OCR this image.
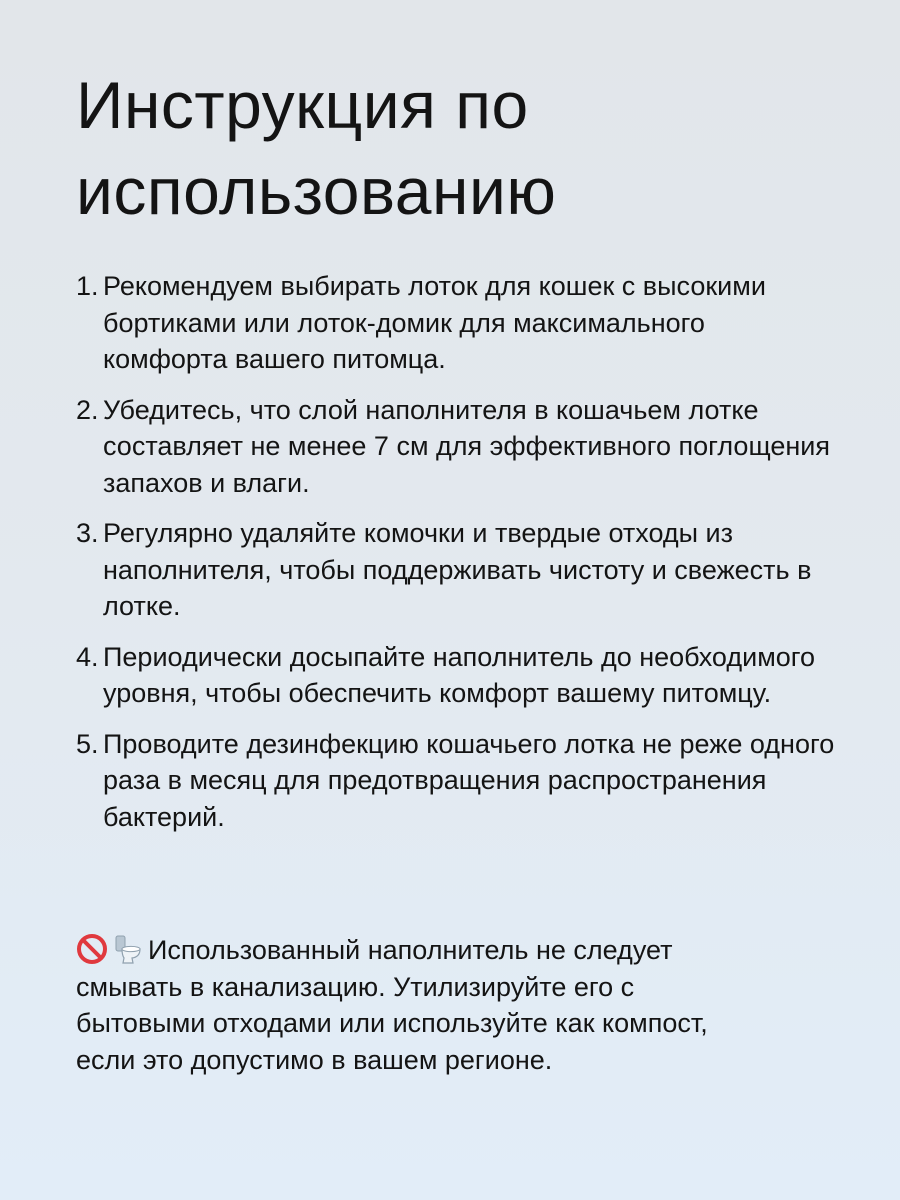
Инструкция по использованию
1. Рекомендуем выбирать лоток для кошек с высокими бортиками или лоток-домик для максимального комфорта вашего питомца.
2. Убедитесь, что слой наполнителя в кошачьем лотке составляет не менее 7 см для эффективного поглощения запахов и влаги.
3. Регулярно удаляйте комочки и твердые отходы из наполнителя, чтобы поддерживать чистоту и свежесть в лотке.
4. Периодически досыпайте наполнитель до необходимого уровня, чтобы обеспечить комфорт вашему питомцу.
5. Проводите дезинфекцию кошачьего лотка не реже одного раза в месяц для предотвращения распространения бактерий.

Использованный наполнитель не следует смывать в канализацию. Утилизируйте его с бытовыми отходами или используйте как компост, если это допустимо в вашем регионе.
